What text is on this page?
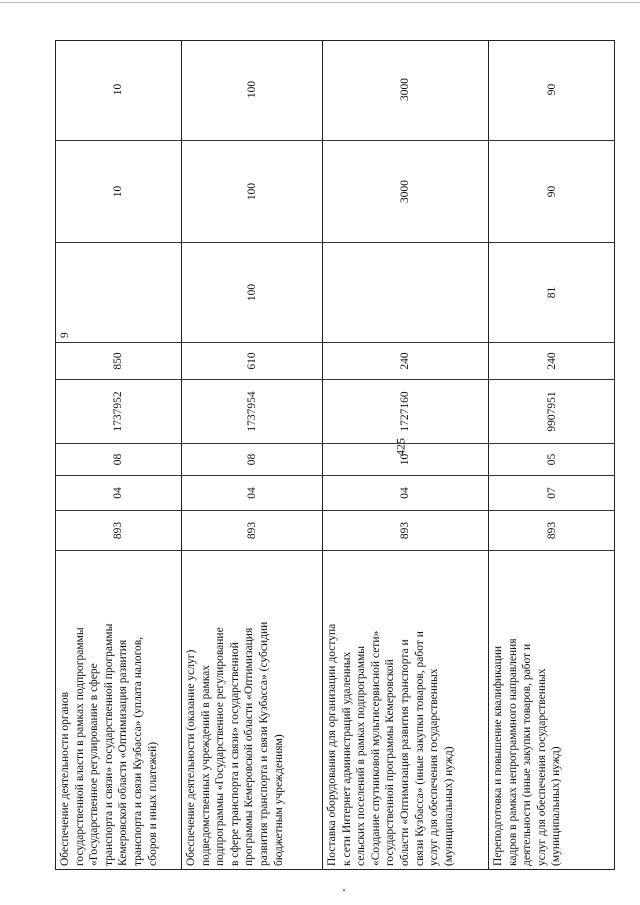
425
Обеспечение деятельности органов государственной власти в рамках подпрограммы «Государственное регулирование в сфере транспорта и связи» государственной программы Кемеровской области «Оптимизация развития транспорта и связи Кузбасса» (уплата налогов, сборов и иных платежей)
893
04
08
1737952
850
9
10
10
Обеспечение деятельности (оказание услуг) подведомственных учреждений в рамках подпрограммы «Государственное регулирование в сфере транспорта и связи» государственной программы Кемеровской области «Оптимизация развития транспорта и связи Кузбасса» (субсидии бюджетным учреждениям)
893
04
08
1737954
610
100
100
100
Поставка оборудования для организации доступа к сети Интернет администраций удаленных сельских поселений в рамках подпрограммы «Создание спутниковой мультисервисной сети» государственной программы Кемеровской области «Оптимизация развития транспорта и связи Кузбасса» (иные закупки товаров, работ и услуг для обеспечения государственных (муниципальных) нужд)
893
04
10
1727160
240
3000
3000
Переподготовка и повышение квалификации кадров в рамках непрограммного направления деятельности (иные закупки товаров, работ и услуг для обеспечения государственных (муниципальных) нужд)
893
07
05
9907951
240
81
90
90
